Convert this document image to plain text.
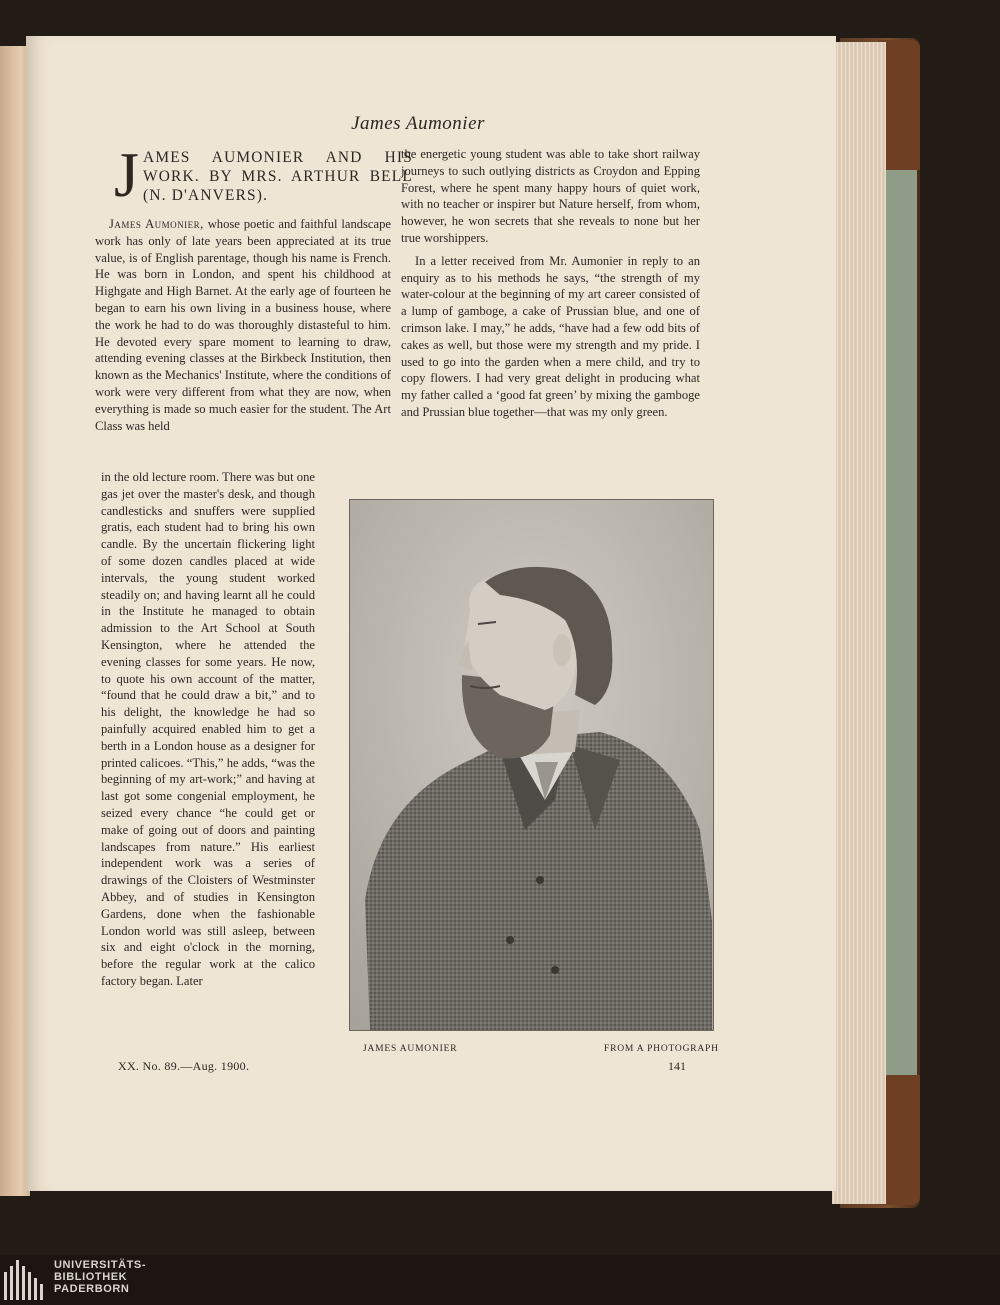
James Aumonier
J AMES AUMONIER AND HIS WORK. BY MRS. ARTHUR BELL (N. D'ANVERS).

James Aumonier, whose poetic and faithful landscape work has only of late years been appreciated at its true value, is of English parentage, though his name is French. He was born in London, and spent his childhood at Highgate and High Barnet. At the early age of fourteen he began to earn his own living in a business house, where the work he had to do was thoroughly distasteful to him. He devoted every spare moment to learning to draw, attending evening classes at the Birkbeck Institution, then known as the Mechanics' Institute, where the conditions of work were very different from what they are now, when everything is made so much easier for the student. The Art Class was held

in the old lecture room. There was but one gas jet over the master's desk, and though candlesticks and snuffers were supplied gratis, each student had to bring his own candle. By the uncertain flickering light of some dozen candles placed at wide intervals, the young student worked steadily on; and having learnt all he could in the Institute he managed to obtain admission to the Art School at South Kensington, where he attended the evening classes for some years. He now, to quote his own account of the matter, “found that he could draw a bit,” and to his delight, the knowledge he had so painfully acquired enabled him to get a berth in a London house as a designer for printed calicoes. “This,” he adds, “was the beginning of my art-work;” and having at last got some congenial employment, he seized every chance “he could get or make of going out of doors and painting landscapes from nature.” His earliest independent work was a series of drawings of the Cloisters of Westminster Abbey, and of studies in Kensington Gardens, done when the fashionable London world was still asleep, between six and eight o'clock in the morning, before the regular work at the calico factory began. Later

the energetic young student was able to take short railway journeys to such outlying districts as Croydon and Epping Forest, where he spent many happy hours of quiet work, with no teacher or inspirer but Nature herself, from whom, however, he won secrets that she reveals to none but her true worshippers.

In a letter received from Mr. Aumonier in reply to an enquiry as to his methods he says, “the strength of my water-colour at the beginning of my art career consisted of a lump of gamboge, a cake of Prussian blue, and one of crimson lake. I may,” he adds, “have had a few odd bits of cakes as well, but those were my strength and my pride. I used to go into the garden when a mere child, and try to copy flowers. I had very great delight in producing what my father called a ‘good fat green’ by mixing the gamboge and Prussian blue together—that was my only green.

JAMES AUMONIER	FROM A PHOTOGRAPH
XX. No. 89.—Aug. 1900.	141
UNIVERSITÄTS-
BIBLIOTHEK
PADERBORN
